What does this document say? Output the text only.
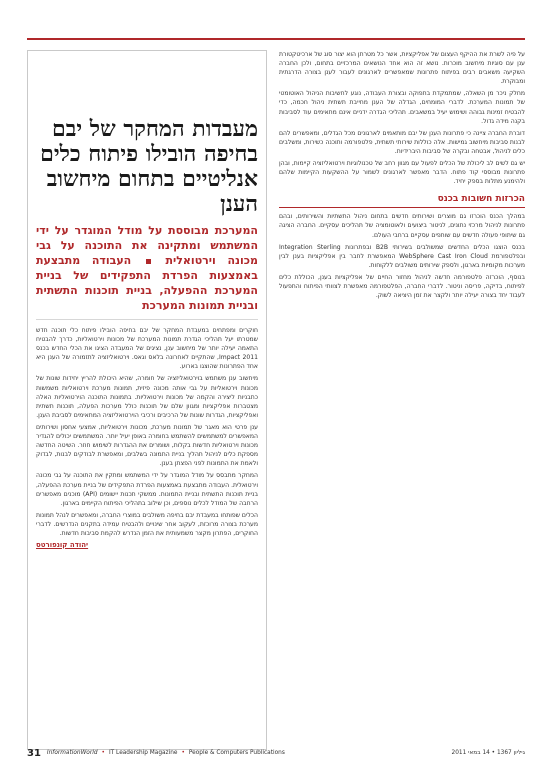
מעבדות המחקר של יבם בחיפה הובילו פיתוח כלים אנליטיים בתחום מיחשוב הענן
המערכת מבוססת על מודל המוגדר על ידי המשתמש ומתקינה את התוכנה על גבי מכונה וירטואלית  העבודה מתבצעת באמצעות הפרדת התפקידים של בניית המערכת ההפעלה, בניית תוכנות התשתית ובניית תמונות המערכת

חוקרים ומפתחים במעבדת המחקר של יבם בחיפה הובילו פיתוח כלי תוכנה חדש שמטרתו יעל תהליכי הגדרת תמונות המערכת של מכונות וירטואליות, כדרך להבטיח התאמה יעילה יותר של מיחשוב ענן, נציגים של המעבדה הציגו את הכלי החדש בכנס Impact 2011, שהתקיים לאחרונה בלאס וגאס. וירטואליזציה לתזמורה של הענן היא אחד הפתרונות שהוצגו בארוע.

מיחשוב ענן משתמש בוירטואליזציה של חומרה, שהיא היכולת להריץ יחידות שונות של מכונות וירטואליות על גבי אותה מכונה פיזית, תמונות מערכת וירטואליות משמשות כתבניות ליצירה והקמה של מכונות וירטואליות. בתמונות התוכנה הוירטואליות האלה מצטברות אפליקציות ומגוון שלם של תוכנות כולל מערכות הפעלה, תוכנות תשתית ואפליקציות, הגדרות שונות של הרכיבים ורכיבי הוירטואליזציה המתאימים לסביבת הענן.

ענן פרטי הוא מאגר של תמונות מערכת, מכונות וירטואליות, אמצעי אחסון ושירותים המאפשרים למשתמשים להשתמש בחומרה באופן יעיל יותר. המשתמשים יכולים להגדיר מכונות וירטואליות חדשות בקלות, ושומרים את ההגדרות לשימוש חוזר. השיטה החדשה מספקת כלים לניהול תהליך בניית התמונה בשלבים, ומאפשרת לבודקים לבנות, לבדוק ולאמת את התמונות לפני הפצתן בענן.

המחקר מתבסס על מודל המוגדר על ידי המשתמש ומתקין את התוכנה על גבי מכונה וירטואלית. העבודה מתבצעת באמצעות הפרדת התפקידים של בניית מערכת ההפעלה, בניית תוכנות התשתית ובניית התמונות. ממשקי תכנות יישומים (API) מוכנים מאפשרים הרחבה של המודל לכלים נוספים, וכן שילוב בתהליכי הפיתוח הקיימים בארגון.

הכלים שפותחו במעבדת יבם בחיפה משולבים במוצרי החברה, ומאפשרים לנהל תמונות מערכת בצורה מרוכזת, לעקוב אחר שינויים ולהבטיח עמידה בתקנים הנדרשים. לדברי החוקרים, הפתרון מקצר משמעותית את הזמן הנדרש להקמת סביבות חדשות.

יהודה קונפורטס

על פיה לשרת את ההיקף העצום של אפליקציות, אשר כל מטרתן הוא יצור סוג של ארכיטקטורת ענן עם סוגיות מיחשוב מוכרות. נושא זה הוא אחד הנושאים המרכזיים בתחום, ולכן החברה השקיעה משאבים רבים בפיתוח פתרונות שמאפשרים לארגונים לעבור לענן בצורה הדרגתית ומבוקרת.

מחלק ניכר מן השאלה, שמתמקדת בתפוקה ובצורת העבודה, נוגע לחשיבות הניהול האוטומטי של תמונות המערכת. לדברי המומחים, הגדלה של הענן מחייבת תשתית ניהול חכמה, כדי להבטיח זמינות גבוהה ושימוש יעיל במשאבים. תהליכי הגדרה ידניים אינם מתאימים עוד לסביבות בקנה מידה גדול.

דוברת החברה ציינה כי פתרונות הענן של יבם מותאמים לארגונים מכל הגדלים, ומאפשרים להם לבנות סביבות מיחשוב גמישות. אלה כוללות שירותי תשתית, פלטפורמה ותוכנה כשירות, ומשלבים כלים לניהול, אבטחה ובקרה של סביבות היברידיות.

יש גם לשים לב ליכולת של הכלים לפעול עם מגוון רחב של טכנולוגיות וירטואליזציה קיימות, ובהן פתרונות מבוססי קוד פתוח. הדבר מאפשר לארגונים לשמור על ההשקעות הקיימות שלהם ולהימנע מתלות בספק יחיד.

הכרזות חשובות בכנס

במהלך הכנס הוכרזו גם מוצרים ושירותים חדשים בתחום ניהול התשתיות והשירותים, ובהם פתרונות לניהול מרכזי נתונים, לניטור ביצועים ולאוטומציה של תהליכים עסקיים. החברה הציגה גם שיתופי פעולה חדשים עם שותפים עסקיים ברחבי העולם.

בכנס הוצגו הכלים החדשים שמשולבים בשירותי B2B ובפתרונות Integration Sterling ובפלטפורמת WebSphere Cast Iron Cloud המאפשרת לחבר בין אפליקציות בענן לבין מערכות מקומיות בארגון, ולספק שירותים משולבים ללקוחות.

בנוסף, הוכרזה פלטפורמה חדשה לניהול מחזור החיים של אפליקציות בענן, הכוללת כלים לפיתוח, בדיקה, פריסה וניטור. לדברי החברה, הפלטפורמה מאפשרת לצוותי הפיתוח והתפעול לעבוד יחד בצורה יעילה יותר ולקצר את זמן היציאה לשוק.

31 InformationWorld • IT Leadership Magazine • People & Computers Publications	גיליון 1367 • 14 במאי 2011
